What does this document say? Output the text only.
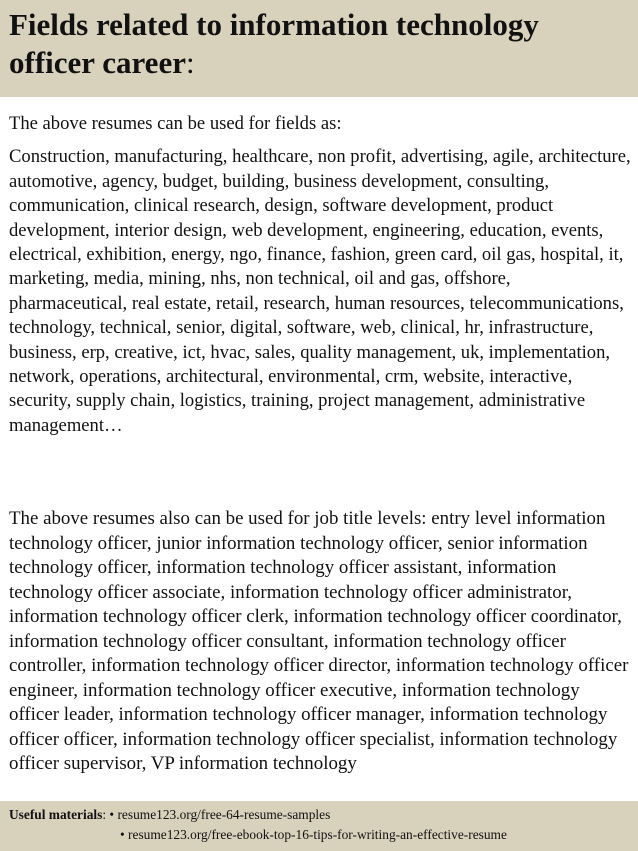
Fields related to information technology officer career:

The above resumes can be used for fields as:

Construction, manufacturing, healthcare, non profit, advertising, agile, architecture, automotive, agency, budget, building, business development, consulting, communication, clinical research, design, software development, product development, interior design, web development, engineering, education, events, electrical, exhibition, energy, ngo, finance, fashion, green card, oil gas, hospital, it, marketing, media, mining, nhs, non technical, oil and gas, offshore, pharmaceutical, real estate, retail, research, human resources, telecommunications, technology, technical, senior, digital, software, web, clinical, hr, infrastructure, business, erp, creative, ict, hvac, sales, quality management, uk, implementation, network, operations, architectural, environmental, crm, website, interactive, security, supply chain, logistics, training, project management, administrative management…

The above resumes also can be used for job title levels: entry level information technology officer, junior information technology officer, senior information technology officer, information technology officer assistant, information technology officer associate, information technology officer administrator, information technology officer clerk, information technology officer coordinator, information technology officer consultant, information technology officer controller, information technology officer director, information technology officer engineer, information technology officer executive, information technology officer leader, information technology officer manager, information technology officer officer, information technology officer specialist, information technology officer supervisor, VP information technology

Useful materials: • resume123.org/free-64-resume-samples
• resume123.org/free-ebook-top-16-tips-for-writing-an-effective-resume
